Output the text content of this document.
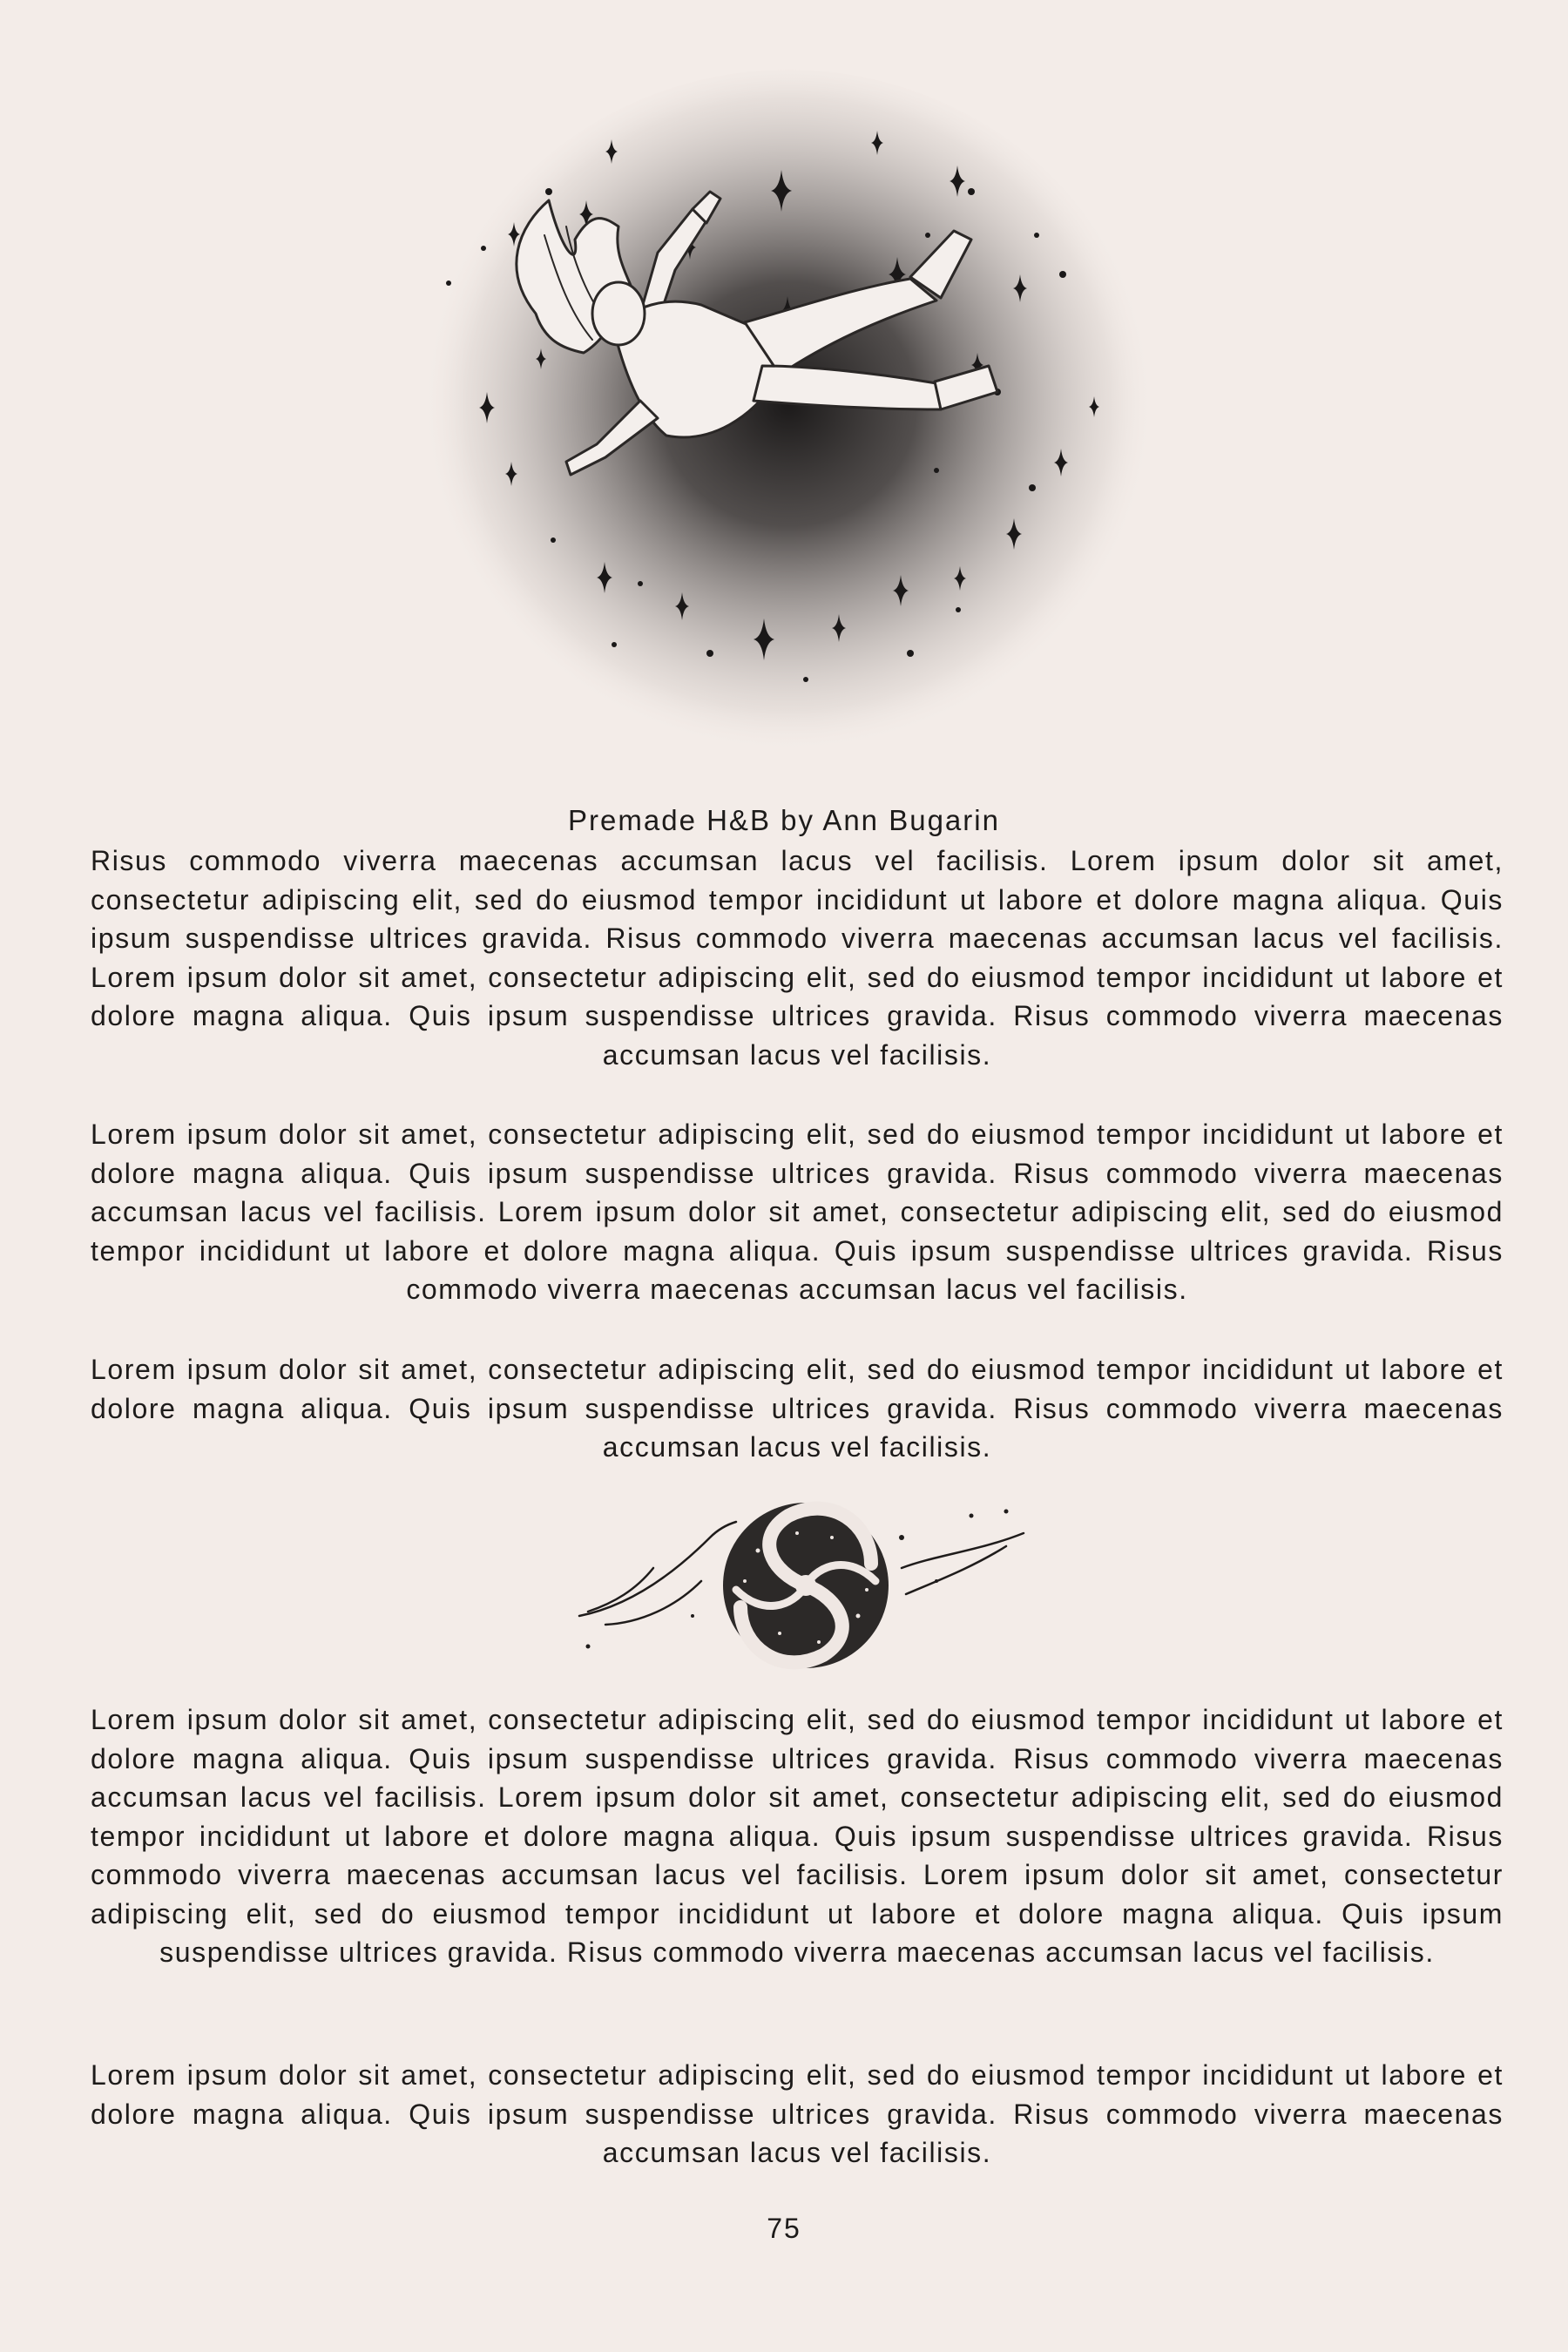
Premade H&B by Ann Bugarin

Risus commodo viverra maecenas accumsan lacus vel facilisis. Lorem ipsum dolor sit amet, consectetur adipiscing elit, sed do eiusmod tempor incididunt ut labore et dolore magna aliqua. Quis ipsum suspendisse ultrices gravida. Risus commodo viverra maecenas accumsan lacus vel facilisis. Lorem ipsum dolor sit amet, consectetur adipiscing elit, sed do eiusmod tempor incididunt ut labore et dolore magna aliqua. Quis ipsum suspendisse ultrices gravida. Risus commodo viverra maecenas accumsan lacus vel facilisis.

Lorem ipsum dolor sit amet, consectetur adipiscing elit, sed do eiusmod tempor incididunt ut labore et dolore magna aliqua. Quis ipsum suspendisse ultrices gravida. Risus commodo viverra maecenas accumsan lacus vel facilisis. Lorem ipsum dolor sit amet, consectetur adipiscing elit, sed do eiusmod tempor incididunt ut labore et dolore magna aliqua. Quis ipsum suspendisse ultrices gravida. Risus commodo viverra maecenas accumsan lacus vel facilisis.

Lorem ipsum dolor sit amet, consectetur adipiscing elit, sed do eiusmod tempor incididunt ut labore et dolore magna aliqua. Quis ipsum suspendisse ultrices gravida. Risus commodo viverra maecenas accumsan lacus vel facilisis.

Lorem ipsum dolor sit amet, consectetur adipiscing elit, sed do eiusmod tempor incididunt ut labore et dolore magna aliqua. Quis ipsum suspendisse ultrices gravida. Risus commodo viverra maecenas accumsan lacus vel facilisis. Lorem ipsum dolor sit amet, consectetur adipiscing elit, sed do eiusmod tempor incididunt ut labore et dolore magna aliqua. Quis ipsum suspendisse ultrices gravida. Risus commodo viverra maecenas accumsan lacus vel facilisis. Lorem ipsum dolor sit amet, consectetur adipiscing elit, sed do eiusmod tempor incididunt ut labore et dolore magna aliqua. Quis ipsum suspendisse ultrices gravida. Risus commodo viverra maecenas accumsan lacus vel facilisis.

Lorem ipsum dolor sit amet, consectetur adipiscing elit, sed do eiusmod tempor incididunt ut labore et dolore magna aliqua. Quis ipsum suspendisse ultrices gravida. Risus commodo viverra maecenas accumsan lacus vel facilisis.

75
